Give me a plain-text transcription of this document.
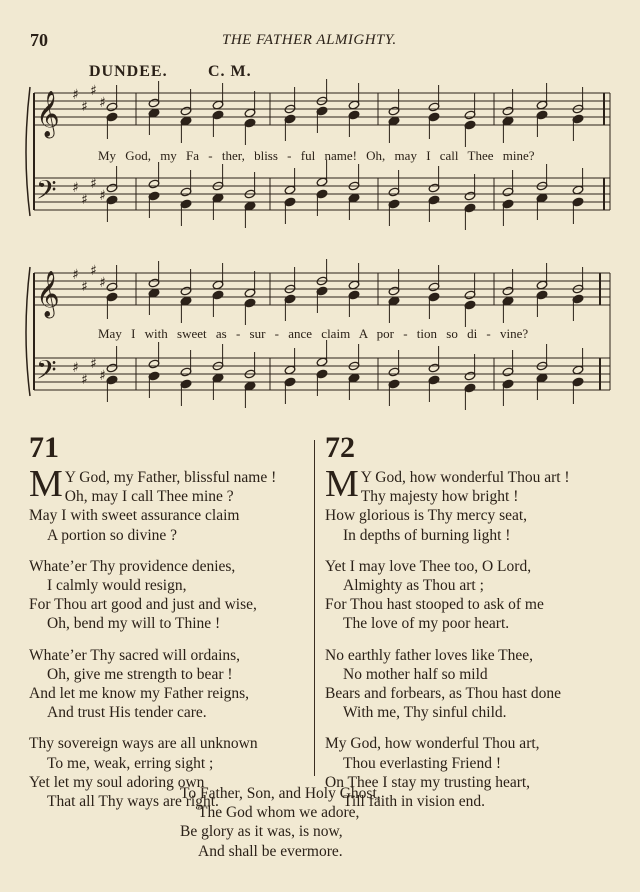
70	THE FATHER ALMIGHTY.
DUNDEE.	C. M.
𝄞 ♯
♯
♯
♯
𝄢 ♯
♯
♯
♯
𝄞 ♯
♯
♯
♯
𝄢 ♯
♯
♯
♯
My God, my Fa - ther, bliss - ful name! Oh, may I call Thee mine?
May I with sweet as - sur - ance claim A por - tion so di - vine?
71
M Y God, my Father, blissful name !
Oh, may I call Thee mine ?
May I with sweet assurance claim
A portion so divine ?
Whate’er Thy providence denies,
I calmly would resign,
For Thou art good and just and wise,
Oh, bend my will to Thine !
Whate’er Thy sacred will ordains,
Oh, give me strength to bear !
And let me know my Father reigns,
And trust His tender care.
Thy sovereign ways are all unknown
To me, weak, erring sight ;
Yet let my soul adoring own
That all Thy ways are right.
72
M Y God, how wonderful Thou art !
Thy majesty how bright !
How glorious is Thy mercy seat,
In depths of burning light !
Yet I may love Thee too, O Lord,
Almighty as Thou art ;
For Thou hast stooped to ask of me
The love of my poor heart.
No earthly father loves like Thee,
No mother half so mild
Bears and forbears, as Thou hast done
With me, Thy sinful child.
My God, how wonderful Thou art,
Thou everlasting Friend !
On Thee I stay my trusting heart,
Till faith in vision end.
To Father, Son, and Holy Ghost,
The God whom we adore,
Be glory as it was, is now,
And shall be evermore.
